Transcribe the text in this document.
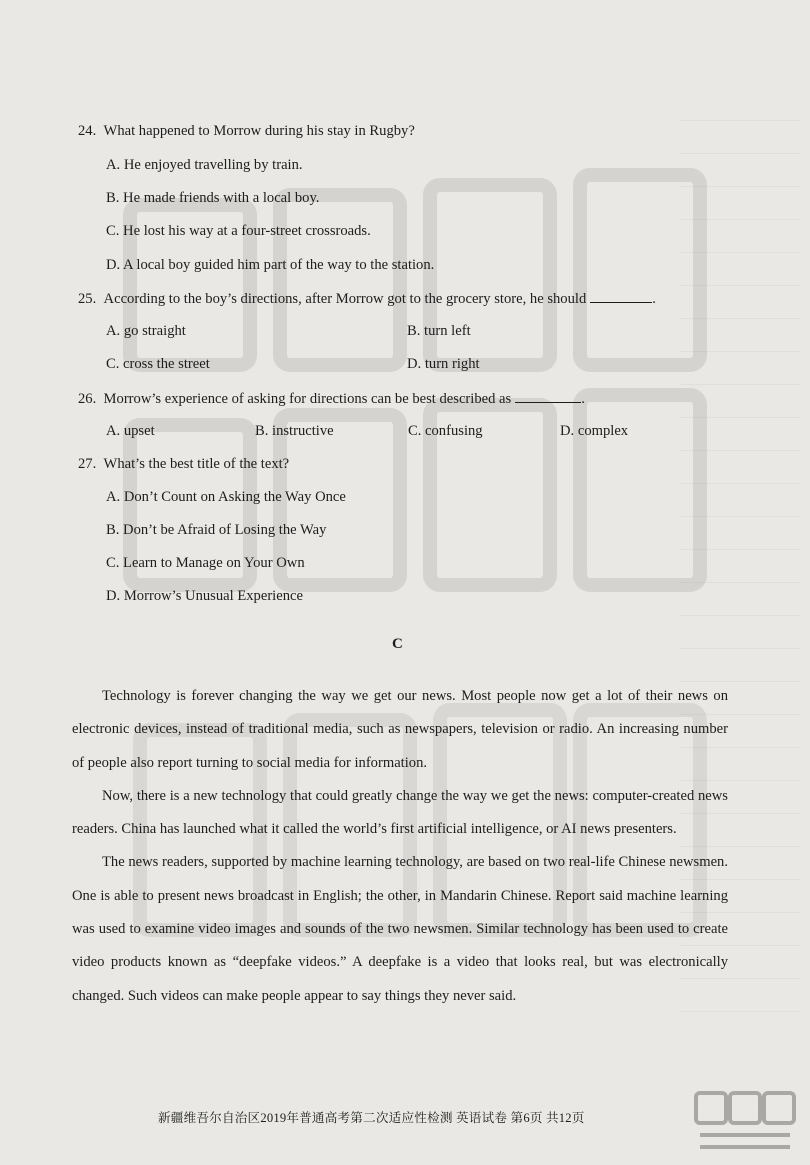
24. What happened to Morrow during his stay in Rugby?
A. He enjoyed travelling by train.
B. He made friends with a local boy.
C. He lost his way at a four-street crossroads.
D. A local boy guided him part of the way to the station.
25. According to the boy’s directions, after Morrow got to the grocery store, he should	.
A. go straight	B. turn left
C. cross the street	D. turn right
26. Morrow’s experience of asking for directions can be best described as	.
A. upset	B. instructive	C. confusing	D. complex
27. What’s the best title of the text?
A. Don’t Count on Asking the Way Once
B. Don’t be Afraid of Losing the Way
C. Learn to Manage on Your Own
D. Morrow’s Unusual Experience
C

Technology is forever changing the way we get our news. Most people now get a lot of their news on electronic devices, instead of traditional media, such as newspapers, television or radio. An increasing number of people also report turning to social media for information.

Now, there is a new technology that could greatly change the way we get the news: computer-created news readers. China has launched what it called the world’s first artificial intelligence, or AI news presenters.

The news readers, supported by machine learning technology, are based on two real-life Chinese newsmen. One is able to present news broadcast in English; the other, in Mandarin Chinese. Report said machine learning was used to examine video images and sounds of the two newsmen. Similar technology has been used to create video products known as “deepfake videos.” A deepfake is a video that looks real, but was electronically changed. Such videos can make people appear to say things they never said.

新疆维吾尔自治区2019年普通高考第二次适应性检测 英语试卷 第6页 共12页
